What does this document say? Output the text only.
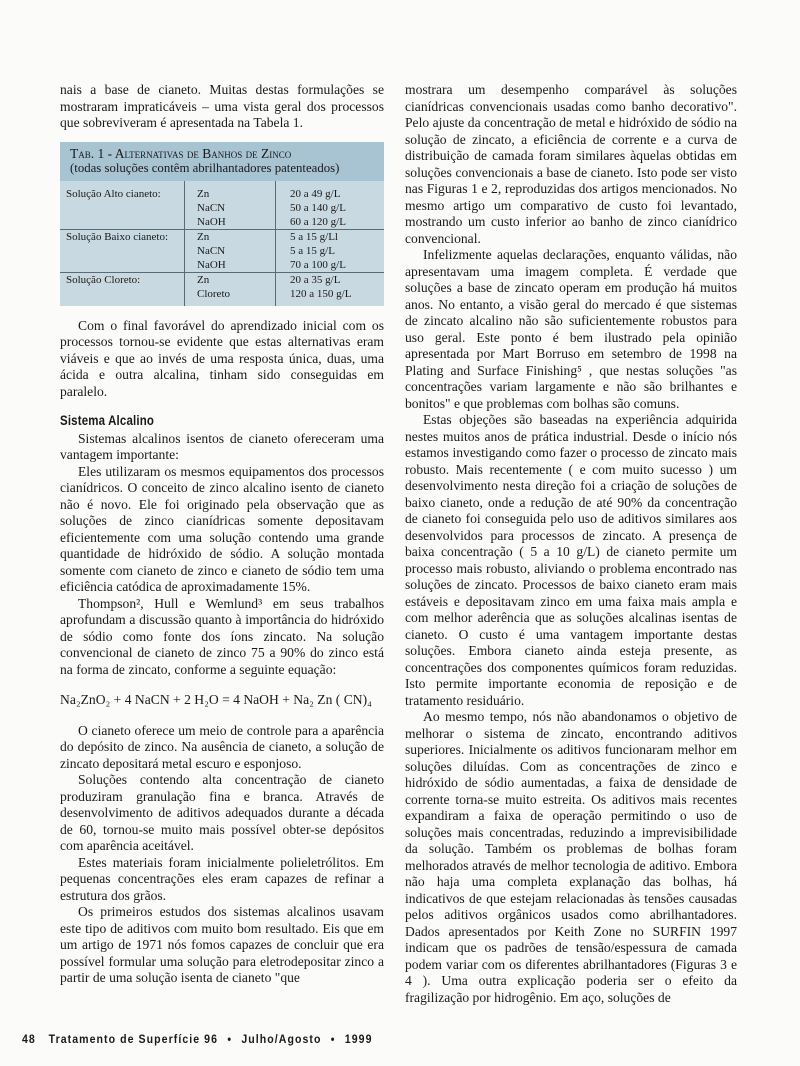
nais a base de cianeto. Muitas destas formulações se mostraram impraticáveis – uma vista geral dos processos que sobreviveram é apresentada na Tabela 1.

Tab. 1 - Alternativas de Banhos de Zinco
(todas soluções contêm abrilhantadores patenteados)
Solução Alto cianeto:	Zn	20 a 49 g/L
	NaCN	50 a 140 g/L
	NaOH	60 a 120 g/L
Solução Baixo cianeto:	Zn	5 a 15 g/Ll
	NaCN	5 a 15 g/L
	NaOH	70 a 100 g/L
Solução Cloreto:	Zn	20 a 35 g/L
	Cloreto	120 a 150 g/L

Com o final favorável do aprendizado inicial com os processos tornou-se evidente que estas alternativas eram viáveis e que ao invés de uma resposta única, duas, uma ácida e outra alcalina, tinham sido conseguidas em paralelo.

Sistema Alcalino

Sistemas alcalinos isentos de cianeto ofereceram uma vantagem importante:

Eles utilizaram os mesmos equipamentos dos processos cianídricos. O conceito de zinco alcalino isento de cianeto não é novo. Ele foi originado pela observação que as soluções de zinco cianídricas somente depositavam eficientemente com uma solução contendo uma grande quantidade de hidróxido de sódio. A solução montada somente com cianeto de zinco e cianeto de sódio tem uma eficiência catódica de aproximadamente 15%.

Thompson², Hull e Wemlund³ em seus trabalhos aprofundam a discussão quanto à importância do hidróxido de sódio como fonte dos íons zincato. Na solução convencional de cianeto de zinco 75 a 90% do zinco está na forma de zincato, conforme a seguinte equação:

Na₂ZnO₂ + 4 NaCN + 2 H₂O = 4 NaOH + Na₂ Zn ( CN)₄

O cianeto oferece um meio de controle para a aparência do depósito de zinco. Na ausência de cianeto, a solução de zincato depositará metal escuro e esponjoso.

Soluções contendo alta concentração de cianeto produziram granulação fina e branca. Através de desenvolvimento de aditivos adequados durante a década de 60, tornou-se muito mais possível obter-se depósitos com aparência aceitável.

Estes materiais foram inicialmente polieletrólitos. Em pequenas concentrações eles eram capazes de refinar a estrutura dos grãos.

Os primeiros estudos dos sistemas alcalinos usavam este tipo de aditivos com muito bom resultado. Eis que em um artigo de 1971 nós fomos capazes de concluir que era possível formular uma solução para eletrodepositar zinco a partir de uma solução isenta de cianeto "que

mostrara um desempenho comparável às soluções cianídricas convencionais usadas como banho decorativo". Pelo ajuste da concentração de metal e hidróxido de sódio na solução de zincato, a eficiência de corrente e a curva de distribuição de camada foram similares àquelas obtidas em soluções convencionais a base de cianeto. Isto pode ser visto nas Figuras 1 e 2, reproduzidas dos artigos mencionados. No mesmo artigo um comparativo de custo foi levantado, mostrando um custo inferior ao banho de zinco cianídrico convencional.

Infelizmente aquelas declarações, enquanto válidas, não apresentavam uma imagem completa. É verdade que soluções a base de zincato operam em produção há muitos anos. No entanto, a visão geral do mercado é que sistemas de zincato alcalino não são suficientemente robustos para uso geral. Este ponto é bem ilustrado pela opinião apresentada por Mart Borruso em setembro de 1998 na Plating and Surface Finishing⁵ , que nestas soluções "as concentrações variam largamente e não são brilhantes e bonitos" e que problemas com bolhas são comuns.

Estas objeções são baseadas na experiência adquirida nestes muitos anos de prática industrial. Desde o início nós estamos investigando como fazer o processo de zincato mais robusto. Mais recentemente ( e com muito sucesso ) um desenvolvimento nesta direção foi a criação de soluções de baixo cianeto, onde a redução de até 90% da concentração de cianeto foi conseguida pelo uso de aditivos similares aos desenvolvidos para processos de zincato. A presença de baixa concentração ( 5 a 10 g/L) de cianeto permite um processo mais robusto, aliviando o problema encontrado nas soluções de zincato. Processos de baixo cianeto eram mais estáveis e depositavam zinco em uma faixa mais ampla e com melhor aderência que as soluções alcalinas isentas de cianeto. O custo é uma vantagem importante destas soluções. Embora cianeto ainda esteja presente, as concentrações dos componentes químicos foram reduzidas. Isto permite importante economia de reposição e de tratamento residuário.

Ao mesmo tempo, nós não abandonamos o objetivo de melhorar o sistema de zincato, encontrando aditivos superiores. Inicialmente os aditivos funcionaram melhor em soluções diluídas. Com as concentrações de zinco e hidróxido de sódio aumentadas, a faixa de densidade de corrente torna-se muito estreita. Os aditivos mais recentes expandiram a faixa de operação permitindo o uso de soluções mais concentradas, reduzindo a imprevisibilidade da solução. Também os problemas de bolhas foram melhorados através de melhor tecnologia de aditivo. Embora não haja uma completa explanação das bolhas, há indicativos de que estejam relacionadas às tensões causadas pelos aditivos orgânicos usados como abrilhantadores. Dados apresentados por Keith Zone no SURFIN 1997 indicam que os padrões de tensão/espessura de camada podem variar com os diferentes abrilhantadores (Figuras 3 e 4 ). Uma outra explicação poderia ser o efeito da fragilização por hidrogênio. Em aço, soluções de

48 Tratamento de Superfície 96 • Julho/Agosto • 1999
